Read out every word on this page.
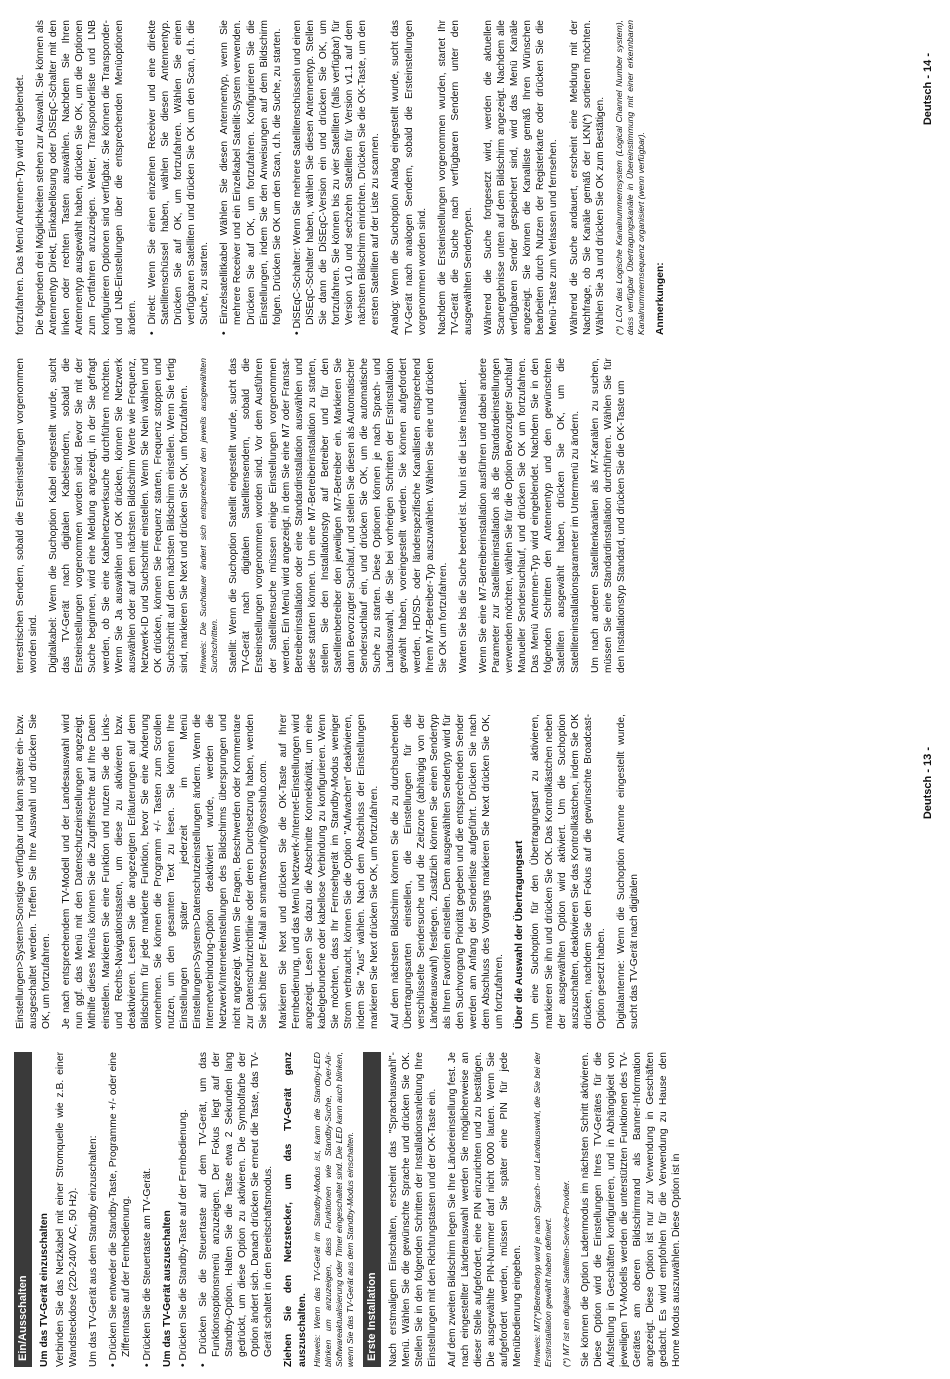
Ein/Ausschalten Um das TV-Gerät einzuschalten Verbinden Sie das Netzkabel mit einer Stromquelle wie z.B. einer Wandsteckdose (220-240V AC, 50 Hz). Um das TV-Gerät aus dem Standby einzuschalten: • Drücken Sie entweder die Standby-Taste, Programme +/- oder eine Zifferntaste auf der Fernbedienung. • Drücken Sie die Steuertaste am TV-Gerät. Um das TV-Gerät auszuschalten • Drücken Sie die Standby-Taste auf der Fernbedienung. • Drücken Sie die Steuertaste auf dem TV-Gerät, um das Funktionsoptionsmenü anzuzeigen. Der Fokus liegt auf der Standby-Option. Halten Sie die Taste etwa 2 Sekunden lang gedrückt, um diese Option zu aktivieren. Die Symbolfarbe der Option ändert sich. Danach drücken Sie erneut die Taste, das TV-Gerät schaltet in den Bereitschaftsmodus. Ziehen Sie den Netzstecker, um das TV-Gerät ganz auszuschalten. Hinweis: Wenn das TV-Gerät im Standby-Modus ist, kann die Standby-LED blinken um anzuzeigen, dass Funktionen wie Standby-Suche, Over-Air-Softwareaktualisierung oder Timer eingeschaltet sind. Die LED kann auch blinken, wenn Sie das TV-Gerät aus dem Standby-Modus einschalten. Erste Installation Nach erstmaligem Einschalten, erscheint das "Sprachauswahl"-Menü. Wählen Sie die gewünschte Sprache und drücken Sie OK. Stellen Sie in den folgenden Schritten der Installationsanleitung Ihre Einstellungen mit den Richtungstasten und der OK-Taste ein. Auf dem zweiten Bildschirm legen Sie Ihre Ländereinstellung fest. Je nach eingestellter Länderauswahl werden Sie möglicherweise an dieser Stelle aufgefordert, eine PIN einzurichten und zu bestätigen. Die ausgewählte PIN-Nummer darf nicht 0000 lauten. Wenn Sie aufgefordert werden, müssen Sie später eine PIN für jede Menübedienung eingeben. Hinweis: M7(*)Betreibertyp wird je nach Sprach- und Landauswahl, die Sie bei der Erstinstallation gewählt haben definiert. (*) M7 ist ein digitaler Satelliten-Service-Provider. Sie können die Option Ladenmodus im nächsten Schritt aktivieren. Diese Option wird die Einstellungen Ihres TV-Gerätes für die Aufstellung in Geschäften konfigurieren, und in Abhängigkeit von jeweiligen TV-Modells werden die unterstützten Funktionen des TV-Gerätes am oberen Bildschirmrand als Banner-Information angezeigt. Diese Option ist nur zur Verwendung in Geschäften gedacht. Es wird empfohlen für die Verwendung zu Hause den Home Modus auszuwählen. Diese Option ist in

Einstellungen>System>Sonstige verfügbar und kann später ein- bzw. ausgeschaltet werden. Treffen Sie Ihre Auswahl und drücken Sie OK, um fortzufahren. Je nach entsprechendem TV-Modell und der Landesauswahl wird nun ggf. das Menü mit den Datenschutzeinstellungen angezeigt. Mithilfe dieses Menüs können Sie die Zugriffsrechte auf Ihre Daten einstellen. Markieren Sie eine Funktion und nutzen Sie die Links- und Rechts-Navigationstasten, um diese zu aktivieren bzw. deaktivieren. Lesen Sie die angezeigten Erläuterungen auf dem Bildschirm für jede markierte Funktion, bevor Sie eine Änderung vornehmen. Sie können die Programm +/- Tasten zum Scrollen nutzen, um den gesamten Text zu lesen. Sie können Ihre Einstellungen später jederzeit im Menü Einstellungen>System>Datenschutzeinstellungen ändern. Wenn die Internetverbindung-Option deaktiviert wurde, werden die Netzwerk/Interneteinstellungen des Bildschirms übersprungen und nicht angezeigt. Wenn Sie Fragen, Beschwerden oder Kommentare zur Datenschutzrichtlinie oder deren Durchsetzung haben, wenden Sie sich bitte per E-Mail an smarttvsecurity@vosshub.com. Markieren Sie Next und drücken Sie die OK-Taste auf Ihrer Fernbedienung, und das Menü Netzwerk-/Internet-Einstellungen wird angezeigt. Lesen Sie dazu die Abschnitte Konnektivität, um eine kabelgebundene oder kabellose Verbindung zu konfigurieren. Wenn Sie möchten, dass Ihr Fernsehgerät im Standby-Modus weniger Strom verbraucht, können Sie die Option "Aufwachen" deaktivieren, indem Sie "Aus" wählen. Nach dem Abschluss der Einstellungen markieren Sie Next drücken Sie OK, um fortzufahren. Auf dem nächsten Bildschirm können Sie die zu durchsuchenden Übertragungsarten einstellen, die Einstellungen für die verschlüsselte Sendersuche und die Zeitzone (abhängig von der Länderauswahl) festlegen. Zusätzlich können Sie einen Sendertyp als Ihren Favoriten einstellen. Dem ausgewählten Sendertyp wird für den Suchvorgang Priorität gegeben und die entsprechenden Sender werden am Anfang der Senderliste aufgeführt. Drücken Sie nach dem Abschluss des Vorgangs markieren Sie Next drücken Sie OK, um fortzufahren. Über die Auswahl der Übertragungsart Um eine Suchoption für den Übertragungsart zu aktivieren, markieren Sie ihn und drücken Sie OK. Das Kontrollkästchen neben der ausgewählten Option wird aktiviert. Um die Suchoption auszuschalten, deaktivieren Sie das Kontrollkästchen, indem Sie OK drücken, nachdem Sie den Fokus auf die gewünschte Broadcast-Option gesetzt haben. Digitalantenne: Wenn die Suchoption Antenne eingestellt wurde, sucht das TV-Gerät nach digitalen

Deutsch - 13 -

terrestrischen Sendern, sobald die Ersteinstellungen vorgenommen worden sind. Digitalkabel: Wenn die Suchoption Kabel eingestellt wurde, sucht das TV-Gerät nach digitalen Kabelsendern, sobald die Ersteinstellungen vorgenommen worden sind. Bevor Sie mit der Suche beginnen, wird eine Meldung angezeigt, in der Sie gefragt werden, ob Sie eine Kabelnetzwerksuche durchführen möchten. Wenn Sie Ja auswählen und OK drücken, können Sie Netzwerk auswählen oder auf dem nächsten Bildschirm Werte wie Frequenz, Netzwerk-ID und Suchschritt einstellen. Wenn Sie Nein wählen und OK drücken, können Sie Frequenz starten, Frequenz stoppen und Suchschritt auf dem nächsten Bildschirm einstellen. Wenn Sie fertig sind, markieren Sie Next und drücken Sie OK, um fortzufahren. Hinweis: Die Suchdauer ändert sich entsprechend den jeweils ausgewählten Suchschritten. Satellit: Wenn die Suchoption Satellit eingestellt wurde, sucht das TV-Gerät nach digitalen Satellitensendern, sobald die Ersteinstellungen vorgenommen worden sind. Vor dem Ausführen der Satellitensuche müssen einige Einstellungen vorgenommen werden. Ein Menü wird angezeigt, in dem Sie eine M7 oder Fransat-Betreiberinstallation oder eine Standardinstallation auswählen und diese starten können. Um eine M7-Betreiberinstallation zu starten, stellen Sie den Installationstyp auf Betreiber und für den Satellitenbetreiber den jeweiligen M7-Betreiber ein. Markieren Sie dann Bevorzugter Suchlauf, und stellen Sie diesen als Automatischer Sendersuchlauf ein, und drücken Sie OK, um die automatische Suche zu starten. Diese Optionen können je nach Sprach- und Landauswahl, die Sie bei vorherigen Schritten der Erstinstallation gewählt haben, voreingestellt werden. Sie können aufgefordert werden, HD/SD- oder länderspezifische Kanallisten entsprechend Ihrem M7-Betreiber-Typ auszuwählen. Wählen Sie eine und drücken Sie OK um fortzufahren. Warten Sie bis die Suche beendet ist. Nun ist die Liste installiert. Wenn Sie eine M7-Betreiberinstallation ausführen und dabei andere Parameter zur Satelliteninstallation als die Standardeinstellungen verwenden möchten, wählen Sie für die Option Bevorzugter Suchlauf Manueller Sendersuchlauf, und drücken Sie OK um fortzufahren. Das Menü Antennen-Typ wird eingeblendet. Nachdem Sie in den folgenden Schritten den Antennentyp und den gewünschten Satelliten ausgewählt haben, drücken Sie OK, um die Satelliteninstallationsparameter im Untermenü zu ändern. Um nach anderen Satellitenkanälen als M7-Kanälen zu suchen, müssen Sie eine Standardinstallation durchführen. Wählen Sie für den Installationstyp Standard, und drücken Sie die OK-Taste um

fortzufahren. Das Menü Antennen-Typ wird eingeblendet. Die folgenden drei Möglichkeiten stehen zur Auswahl. Sie können als Antennentyp Direkt, Einkabellösung oder DiSEqC-Schalter mit den linken oder rechten Tasten auswählen. Nachdem Sie Ihren Antennentyp ausgewählt haben, drücken Sie OK, um die Optionen zum Fortfahren anzuzeigen. Weiter, Transponderliste und LNB konfigurieren Optionen sind verfügbar. Sie können die Transponder- und LNB-Einstellungen über die entsprechenden Menüoptionen ändern. • Direkt: Wenn Sie einen einzelnen Receiver und eine direkte Satellitenschüssel haben, wählen Sie diesen Antennentyp. Drücken Sie auf OK, um fortzufahren. Wählen Sie einen verfügbaren Satelliten und drücken Sie OK um den Scan, d.h. die Suche, zu starten. • Einzelsatellitkabel Wählen Sie diesen Antennentyp, wenn Sie mehrere Receiver und ein Einzelkabel Satellit-System verwenden. Drücken Sie auf OK, um fortzufahren. Konfigurieren Sie die Einstellungen, indem Sie den Anweisungen auf dem Bildschirm folgen. Drücken Sie OK um den Scan, d.h. die Suche, zu starten. • DiSEqC-Schalter: Wenn Sie mehrere Satellitenschüsseln und einen DiSEqC-Schalter haben, wählen Sie diesen Antennentyp. Stellen Sie dann die DiSEqC-Version ein und drücken Sie OK, um fortzufahren. Sie können bis zu vier Satelliten (falls verfügbar) für Version v1.0 und sechzehn Satelliten für Version v1.1 auf dem nächsten Bildschirm einrichten. Drücken Sie die OK-Taste, um den ersten Satelliten auf der Liste zu scannen. Analog: Wenn die Suchoption Analog eingestellt wurde, sucht das TV-Gerät nach analogen Sendern, sobald die Ersteinstellungen vorgenommen worden sind. Nachdem die Ersteinstellungen vorgenommen wurden, startet Ihr TV-Gerät die Suche nach verfügbaren Sendern unter den ausgewählten Sendertypen. Während die Suche fortgesetzt wird, werden die aktuellen Scanergebnisse unten auf dem Bildschirm angezeigt. Nachdem alle verfügbaren Sender gespeichert sind, wird das Menü Kanäle angezeigt. Sie können die Kanalliste gemäß Ihren Wünschen bearbeiten durch Nutzen der Registerkarte oder drücken Sie die Menü-Taste zum Verlassen und fernsehen. Während die Suche andauert, erscheint eine Meldung mit der Nachfrage, ob Sie Kanäle gemäß der LKN(*) sortieren möchten. Wählen Sie Ja und drücken Sie OK zum Bestätigen. (*) LCN das Logische Kanalnummernsystem (Logical Channel Number system), dass verfügbar Übertragungskanäle in Übereinstimmung mit einer erkennbaren Kanalnummernsequenz organisiert (wenn verfügbar). Anmerkungen:

Deutsch - 14 -
